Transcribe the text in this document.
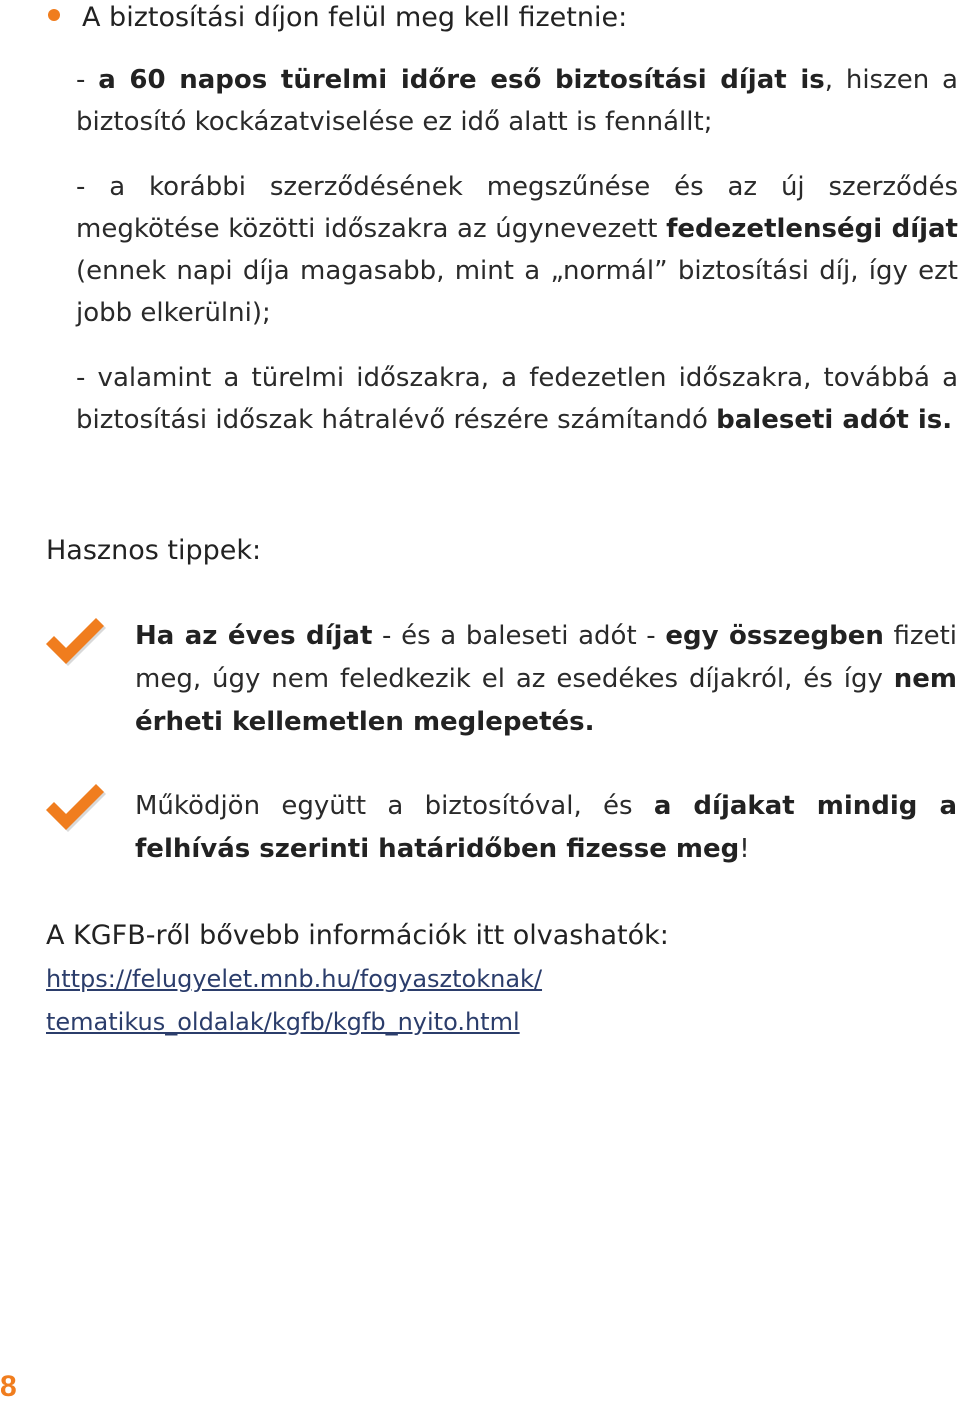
A biztosítási díjon felül meg kell fizetnie:
- a 60 napos türelmi időre eső biztosítási díjat is, hiszen a biztosító kockázatviselése ez idő alatt is fennállt;
- a korábbi szerződésének megszűnése és az új szerződés megkötése közötti időszakra az úgynevezett fedezetlenségi díjat (ennek napi díja magasabb, mint a „normál” biztosítási díj, így ezt jobb elkerülni);
- valamint a türelmi időszakra, a fedezetlen időszakra, továbbá a biztosítási időszak hátralévő részére számítandó baleseti adót is.
Hasznos tippek:
Ha az éves díjat - és a baleseti adót - egy összegben fizeti meg, úgy nem feledkezik el az esedékes díjakról, és így nem érheti kellemetlen meglepetés.
Működjön együtt a biztosítóval, és a díjakat mindig a felhívás szerinti határidőben fizesse meg!
A KGFB-ről bővebb információk itt olvashatók:
https://felugyelet.mnb.hu/fogyasztoknak/
tematikus_oldalak/kgfb/kgfb_nyito.html
8
